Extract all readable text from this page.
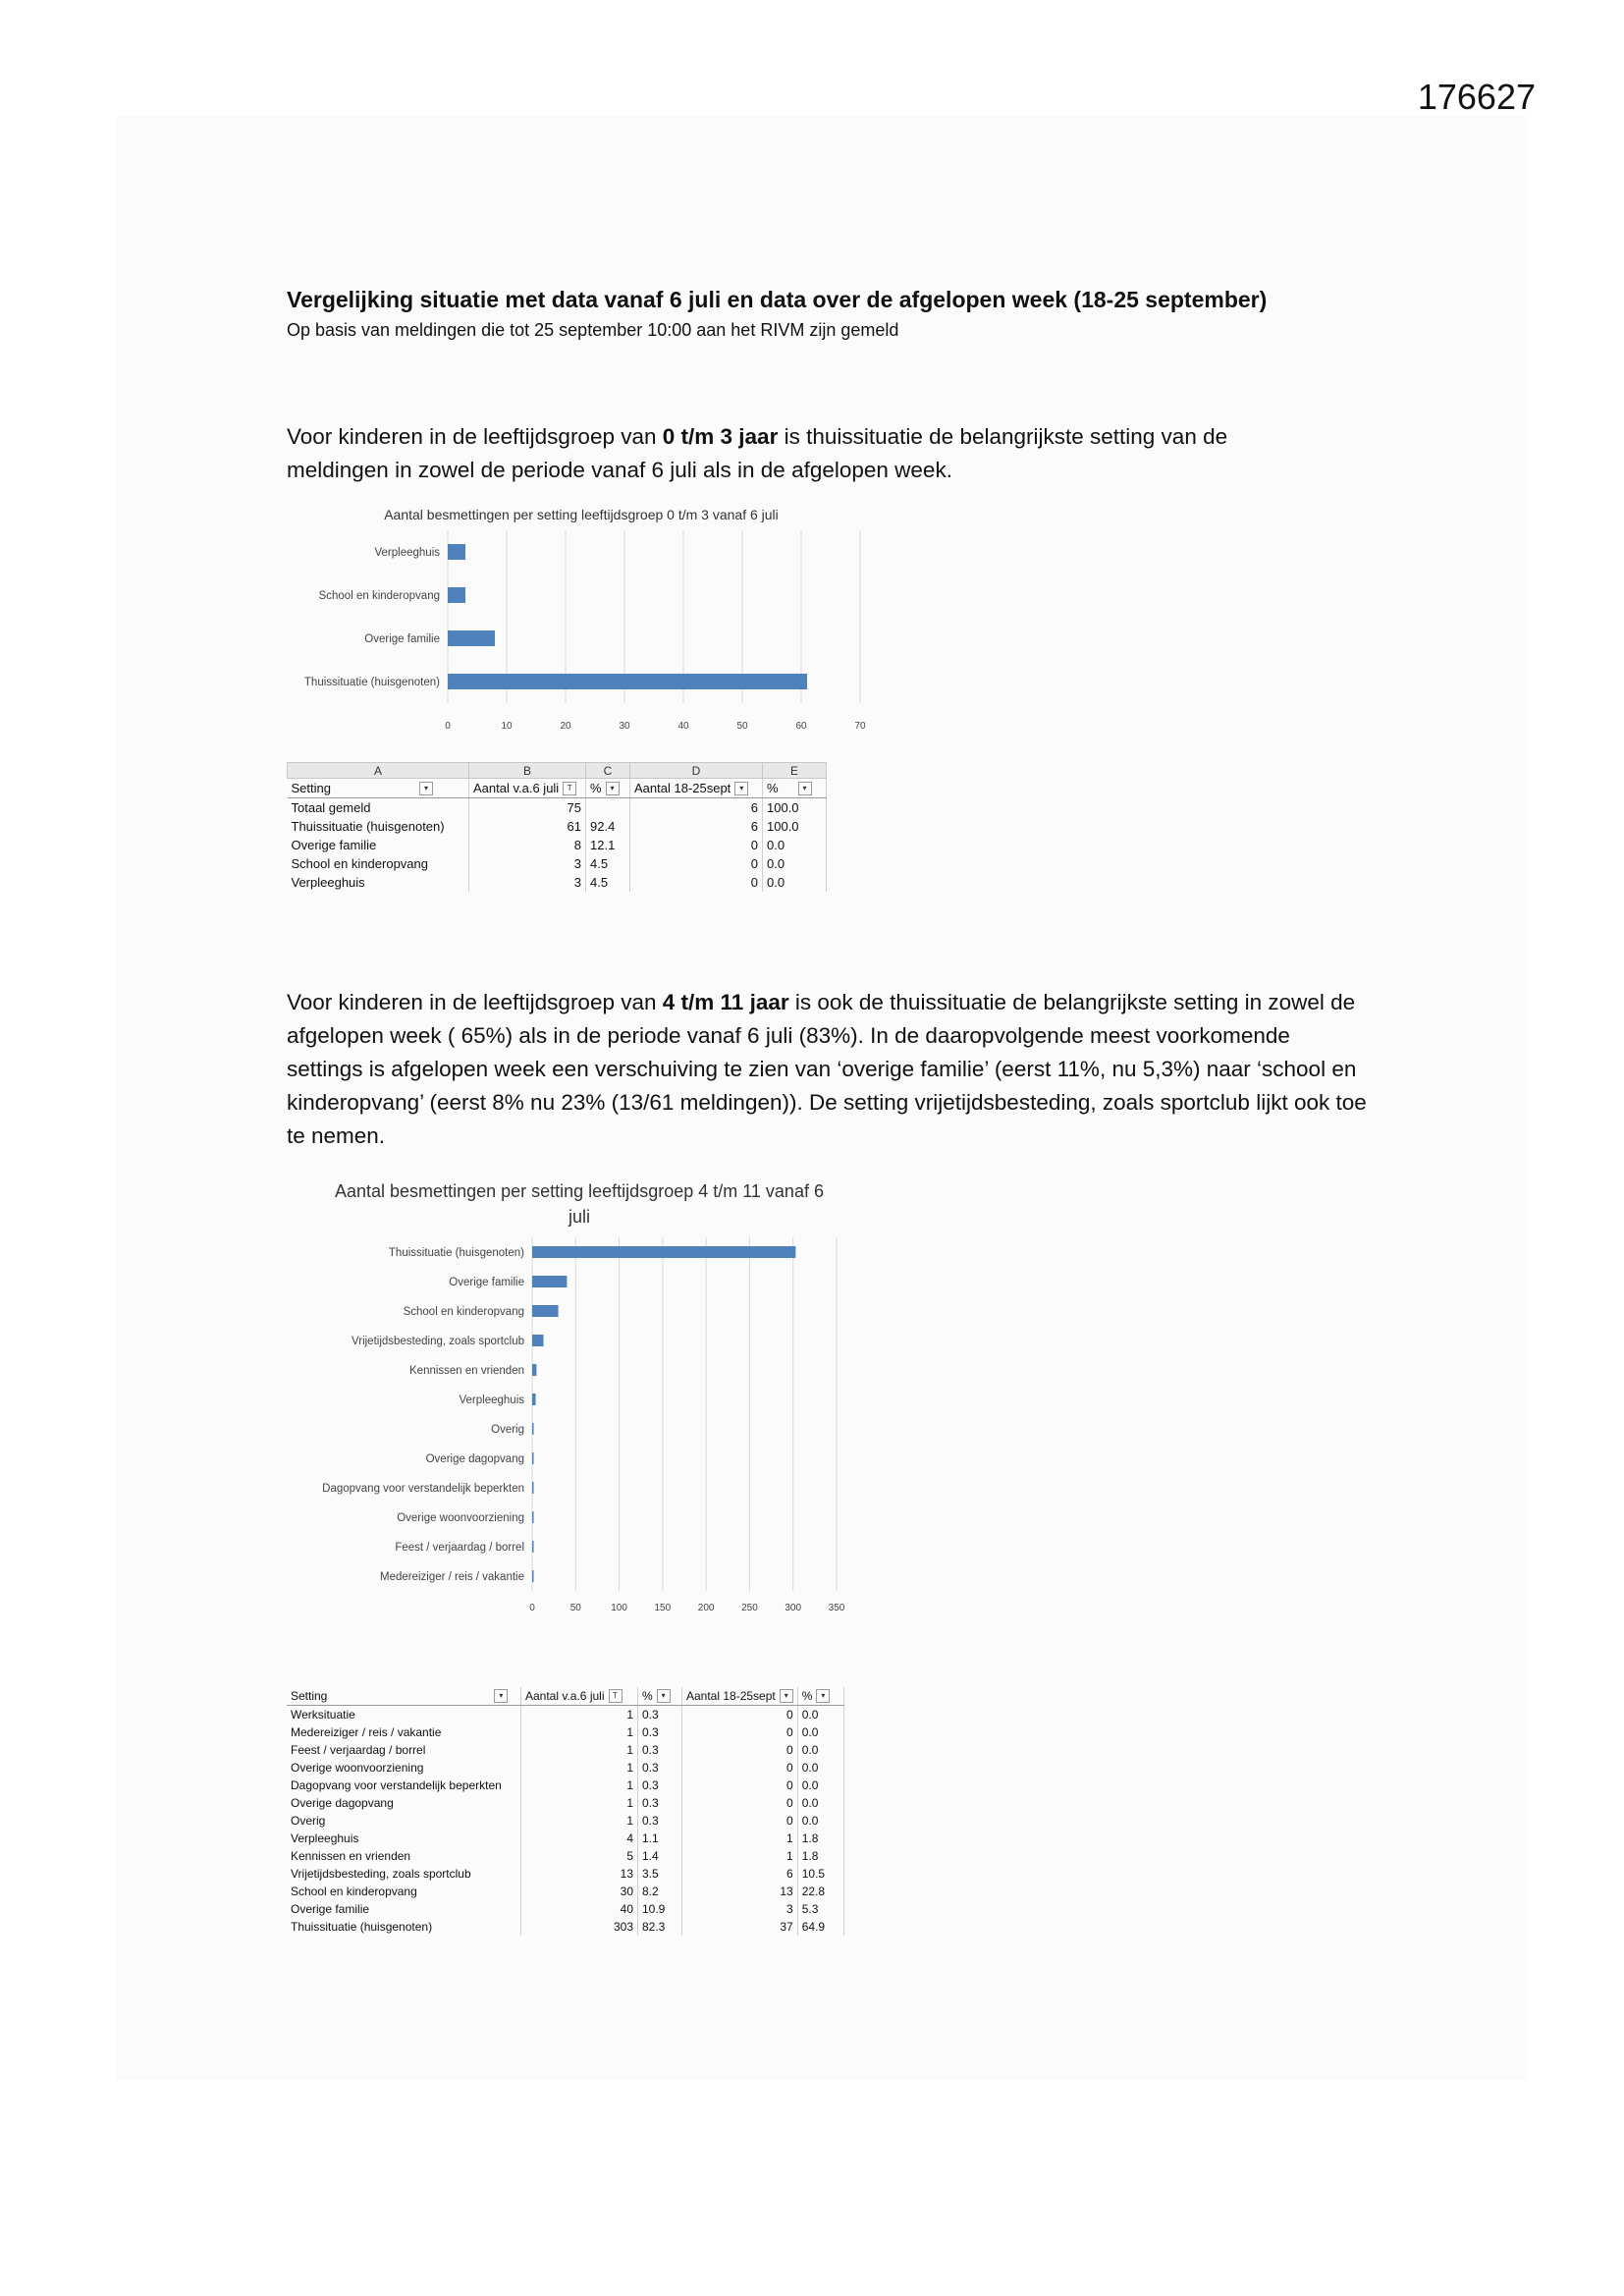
176627
Vergelijking situatie met data vanaf 6 juli en data over de afgelopen week (18-25 september)
Op basis van meldingen die tot 25 september 10:00 aan het RIVM zijn gemeld
Voor kinderen in de leeftijdsgroep van 0 t/m 3 jaar is thuissituatie de belangrijkste setting van de meldingen in zowel de periode vanaf 6 juli als in de afgelopen week.
Aantal besmettingen per setting leeftijdsgroep 0 t/m 3 vanaf 6 juli
0	10	20	30	40	50	60	70
Verpleeghuis
School en kinderopvang
Overige familie
Thuissituatie (huisgenoten)
A	B	C	D	E
Setting ▾	Aantal v.a.6 juli T	% ▾	Aantal 18-25sept ▾	% ▾
Totaal gemeld	75		6	100.0
Thuissituatie (huisgenoten)	61	92.4	6	100.0
Overige familie	8	12.1	0	0.0
School en kinderopvang	3	4.5	0	0.0
Verpleeghuis	3	4.5	0	0.0
Voor kinderen in de leeftijdsgroep van 4 t/m 11 jaar is ook de thuissituatie de belangrijkste setting in zowel de afgelopen week ( 65%) als in de periode vanaf 6 juli (83%). In de daaropvolgende meest voorkomende settings is afgelopen week een verschuiving te zien van ‘overige familie’ (eerst 11%, nu 5,3%) naar ‘school en kinderopvang’ (eerst 8% nu 23% (13/61 meldingen)). De setting vrijetijdsbesteding, zoals sportclub lijkt ook toe te nemen.
Aantal besmettingen per setting leeftijdsgroep 4 t/m 11 vanaf 6 juli
0	50	100	150	200	250	300	350
Thuissituatie (huisgenoten)
Overige familie
School en kinderopvang
Vrijetijdsbesteding, zoals sportclub
Kennissen en vrienden
Verpleeghuis
Overig
Overige dagopvang
Dagopvang voor verstandelijk beperkten
Overige woonvoorziening
Feest / verjaardag / borrel
Medereiziger / reis / vakantie
Setting ▾	Aantal v.a.6 juli T	% ▾	Aantal 18-25sept ▾	% ▾
Werksituatie	1	0.3	0	0.0
Medereiziger / reis / vakantie	1	0.3	0	0.0
Feest / verjaardag / borrel	1	0.3	0	0.0
Overige woonvoorziening	1	0.3	0	0.0
Dagopvang voor verstandelijk beperkten	1	0.3	0	0.0
Overige dagopvang	1	0.3	0	0.0
Overig	1	0.3	0	0.0
Verpleeghuis	4	1.1	1	1.8
Kennissen en vrienden	5	1.4	1	1.8
Vrijetijdsbesteding, zoals sportclub	13	3.5	6	10.5
School en kinderopvang	30	8.2	13	22.8
Overige familie	40	10.9	3	5.3
Thuissituatie (huisgenoten)	303	82.3	37	64.9
